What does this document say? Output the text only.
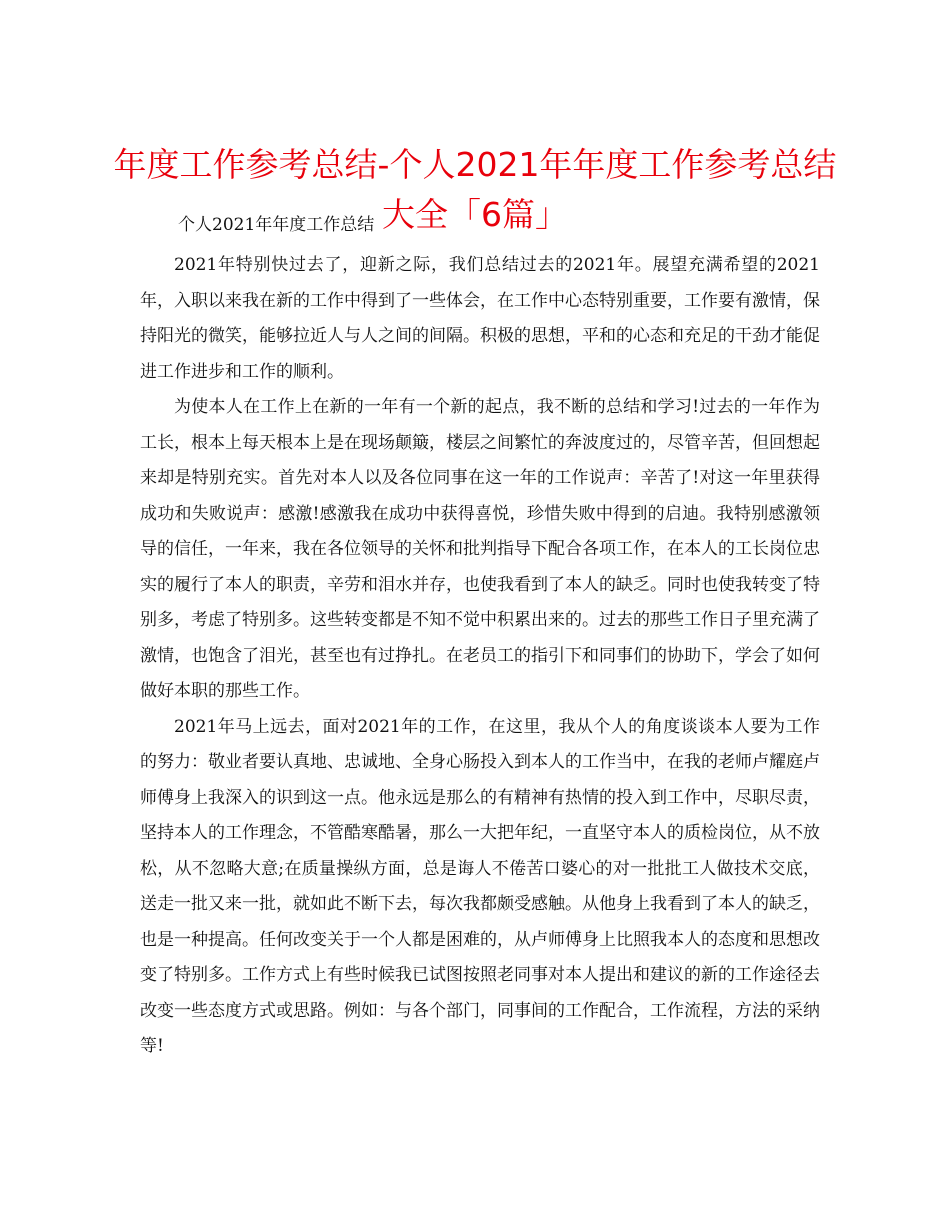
年度工作参考总结-个人2021年年度工作参考总结大全「6篇」
个人2021年年度工作总结

2021年特别快过去了，迎新之际，我们总结过去的2021年。展望充满希望的2021年，入职以来我在新的工作中得到了一些体会，在工作中心态特别重要，工作要有激情，保持阳光的微笑，能够拉近人与人之间的间隔。积极的思想，平和的心态和充足的干劲才能促进工作进步和工作的顺利。

为使本人在工作上在新的一年有一个新的起点，我不断的总结和学习!过去的一年作为工长，根本上每天根本上是在现场颠簸，楼层之间繁忙的奔波度过的，尽管辛苦，但回想起来却是特别充实。首先对本人以及各位同事在这一年的工作说声：辛苦了!对这一年里获得成功和失败说声：感激!感激我在成功中获得喜悦，珍惜失败中得到的启迪。我特别感激领导的信任，一年来，我在各位领导的关怀和批判指导下配合各项工作，在本人的工长岗位忠实的履行了本人的职责，辛劳和泪水并存，也使我看到了本人的缺乏。同时也使我转变了特别多，考虑了特别多。这些转变都是不知不觉中积累出来的。过去的那些工作日子里充满了激情，也饱含了泪光，甚至也有过挣扎。在老员工的指引下和同事们的协助下，学会了如何做好本职的那些工作。

2021年马上远去，面对2021年的工作，在这里，我从个人的角度谈谈本人要为工作的努力：敬业者要认真地、忠诚地、全身心肠投入到本人的工作当中，在我的老师卢耀庭卢师傅身上我深入的识到这一点。他永远是那么的有精神有热情的投入到工作中，尽职尽责，坚持本人的工作理念，不管酷寒酷暑，那么一大把年纪，一直坚守本人的质检岗位，从不放松，从不忽略大意;在质量操纵方面，总是诲人不倦苦口婆心的对一批批工人做技术交底，送走一批又来一批，就如此不断下去，每次我都颇受感触。从他身上我看到了本人的缺乏，也是一种提高。任何改变关于一个人都是困难的，从卢师傅身上比照我本人的态度和思想改变了特别多。工作方式上有些时候我已试图按照老同事对本人提出和建议的新的工作途径去改变一些态度方式或思路。例如：与各个部门，同事间的工作配合，工作流程，方法的采纳等!
